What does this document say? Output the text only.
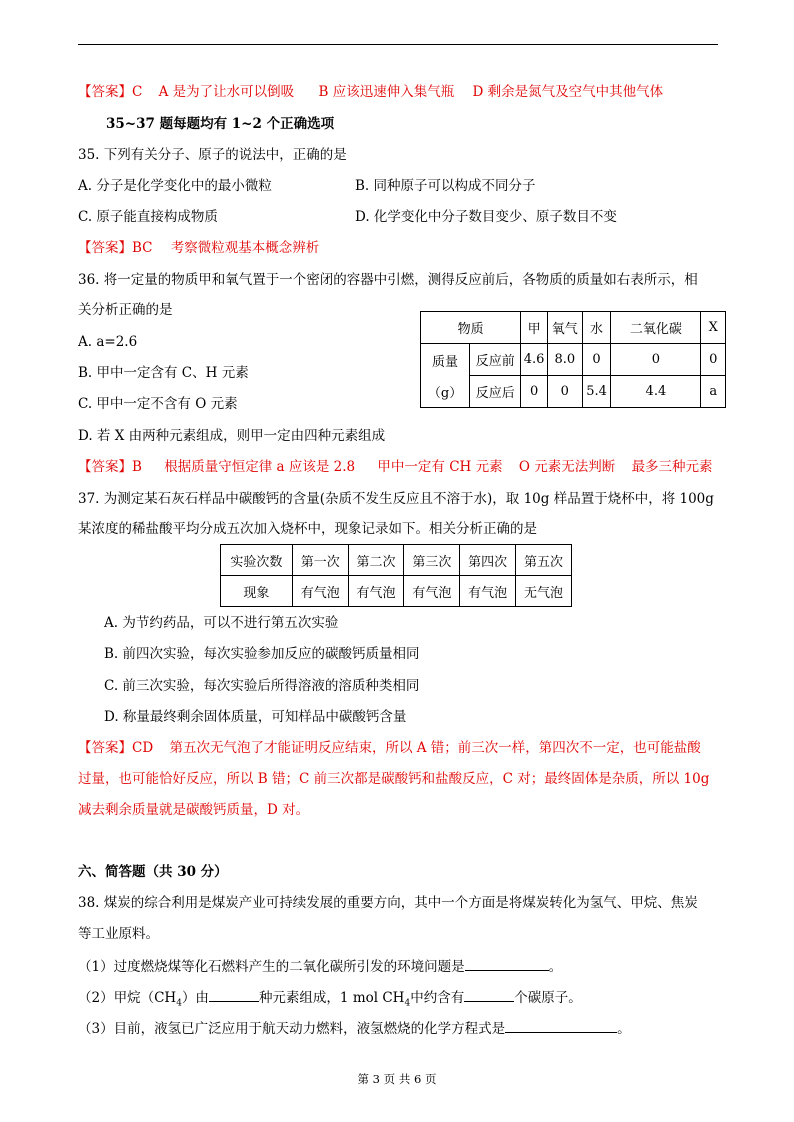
【答案】C A 是为了让水可以倒吸 B 应该迅速伸入集气瓶 D 剩余是氮气及空气中其他气体
35~37 题每题均有 1~2 个正确选项
35. 下列有关分子、原子的说法中，正确的是
A. 分子是化学变化中的最小微粒	B. 同种原子可以构成不同分子
C. 原子能直接构成物质	D. 化学变化中分子数目变少、原子数目不变
【答案】BC 考察微粒观基本概念辨析
36. 将一定量的物质甲和氧气置于一个密闭的容器中引燃，测得反应前后，各物质的质量如右表所示，相
关分析正确的是
A. a=2.6
B. 甲中一定含有 C、H 元素
C. 甲中一定不含有 O 元素
D. 若 X 由两种元素组成，则甲一定由四种元素组成
物质		甲	氧气	水	二氧化碳	X

质量
（g）	反应前	4.6	8.0	0	0	0
	反应后	0	0	5.4	4.4	a
【答案】B 根据质量守恒定律 a 应该是 2.8 甲中一定有 CH 元素 O 元素无法判断 最多三种元素
37. 为测定某石灰石样品中碳酸钙的含量(杂质不发生反应且不溶于水)，取 10g 样品置于烧杯中，将 100g
某浓度的稀盐酸平均分成五次加入烧杯中，现象记录如下。相关分析正确的是
实验次数	第一次	第二次	第三次	第四次	第五次
现象	有气泡	有气泡	有气泡	有气泡	无气泡
A. 为节约药品，可以不进行第五次实验
B. 前四次实验，每次实验参加反应的碳酸钙质量相同
C. 前三次实验，每次实验后所得溶液的溶质种类相同
D. 称量最终剩余固体质量，可知样品中碳酸钙含量
【答案】CD 第五次无气泡了才能证明反应结束，所以 A 错；前三次一样，第四次不一定，也可能盐酸
过量，也可能恰好反应，所以 B 错；C 前三次都是碳酸钙和盐酸反应，C 对；最终固体是杂质，所以 10g
减去剩余质量就是碳酸钙质量，D 对。
六、简答题（共 30 分）
38. 煤炭的综合利用是煤炭产业可持续发展的重要方向，其中一个方面是将煤炭转化为氢气、甲烷、焦炭
等工业原料。
（1）过度燃烧煤等化石燃料产生的二氧化碳所引发的环境问题是	。
（2）甲烷$(CH_4)$由	种元素组成，1 mol $CH_4$中约含有	个碳原子。
（3）目前，液氢已广泛应用于航天动力燃料，液氢燃烧的化学方程式是	。
第 3 页 共 6 页
